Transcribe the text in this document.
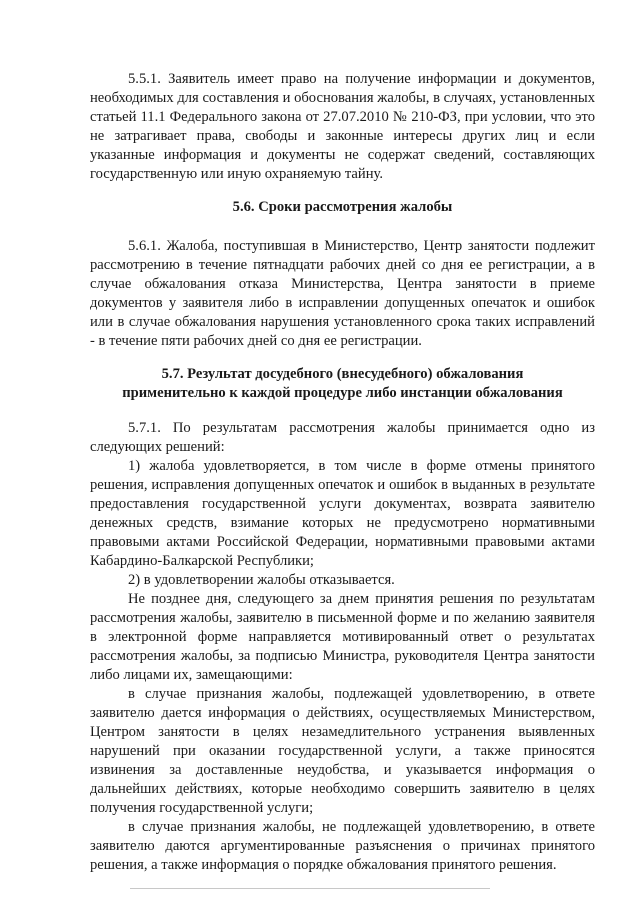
5.5.1. Заявитель имеет право на получение информации и документов, необходимых для составления и обоснования жалобы, в случаях, установленных статьей 11.1 Федерального закона от 27.07.2010 № 210-ФЗ, при условии, что это не затрагивает права, свободы и законные интересы других лиц и если указанные информация и документы не содержат сведений, составляющих государственную или иную охраняемую тайну.

5.6. Сроки рассмотрения жалобы

5.6.1. Жалоба, поступившая в Министерство, Центр занятости подлежит рассмотрению в течение пятнадцати рабочих дней со дня ее регистрации, а в случае обжалования отказа Министерства, Центра занятости в приеме документов у заявителя либо в исправлении допущенных опечаток и ошибок или в случае обжалования нарушения установленного срока таких исправлений - в течение пяти рабочих дней со дня ее регистрации.

5.7. Результат досудебного (внесудебного) обжалования

применительно к каждой процедуре либо инстанции обжалования

5.7.1. По результатам рассмотрения жалобы принимается одно из следующих решений:

1) жалоба удовлетворяется, в том числе в форме отмены принятого решения, исправления допущенных опечаток и ошибок в выданных в результате предоставления государственной услуги документах, возврата заявителю денежных средств, взимание которых не предусмотрено нормативными правовыми актами Российской Федерации, нормативными правовыми актами Кабардино-Балкарской Республики;

2) в удовлетворении жалобы отказывается.

Не позднее дня, следующего за днем принятия решения по результатам рассмотрения жалобы, заявителю в письменной форме и по желанию заявителя в электронной форме направляется мотивированный ответ о результатах рассмотрения жалобы, за подписью Министра, руководителя Центра занятости либо лицами их, замещающими:

в случае признания жалобы, подлежащей удовлетворению, в ответе заявителю дается информация о действиях, осуществляемых Министерством, Центром занятости в целях незамедлительного устранения выявленных нарушений при оказании государственной услуги, а также приносятся извинения за доставленные неудобства, и указывается информация о дальнейших действиях, которые необходимо совершить заявителю в целях получения государственной услуги;

в случае признания жалобы, не подлежащей удовлетворению, в ответе заявителю даются аргументированные разъяснения о причинах принятого решения, а также информация о порядке обжалования принятого решения.
